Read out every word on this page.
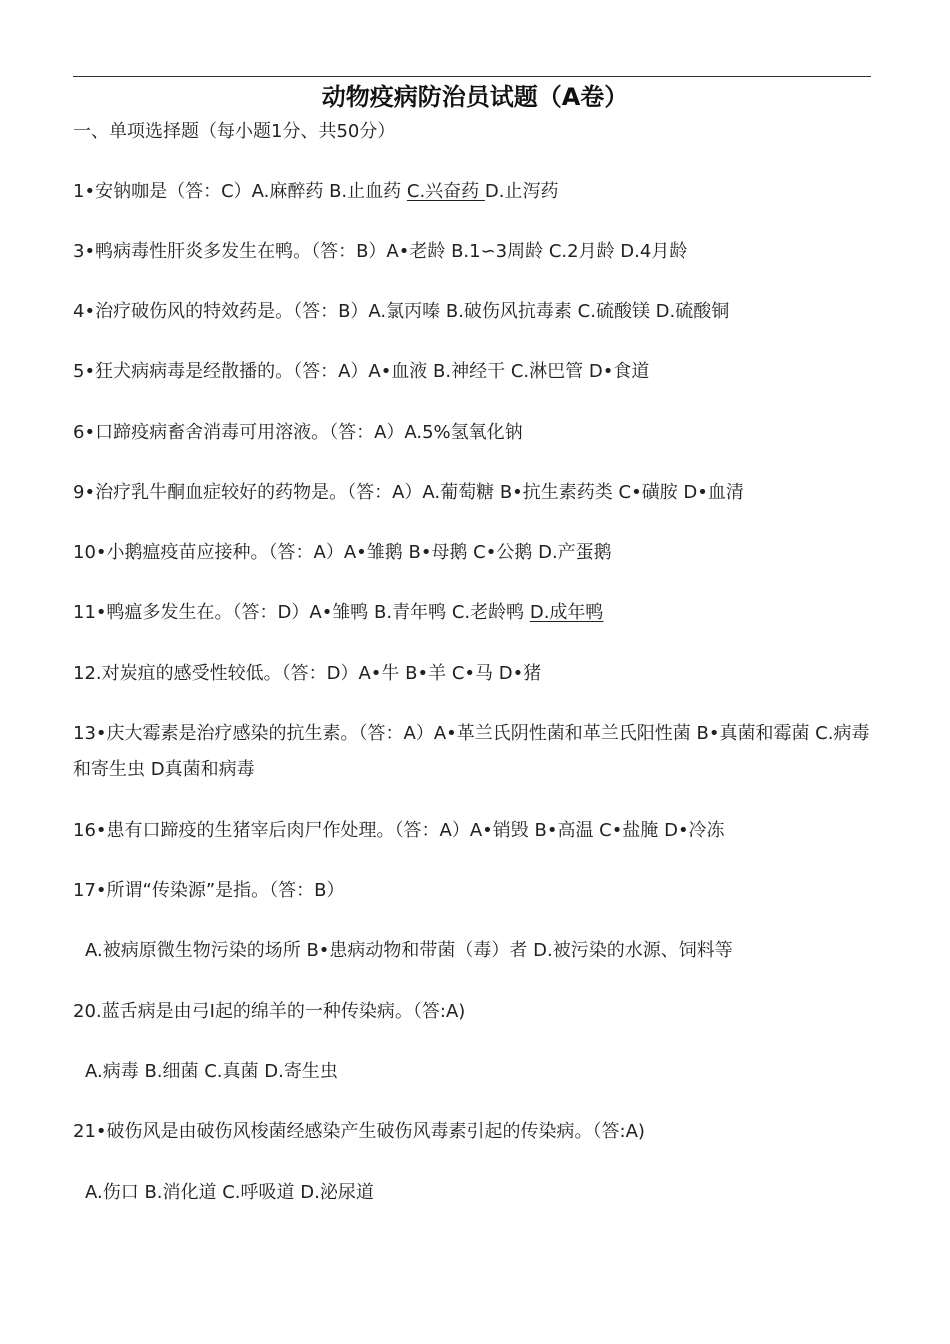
动物疫病防治员试题（A卷）
一、单项选择题（每小题1分、共50分）
1•安钠咖是（答：C）A.麻醉药 B.止血药 C.兴奋药 D.止泻药
3•鸭病毒性肝炎多发生在鸭。（答：B）A•老龄 B.1∽3周龄 C.2月龄 D.4月龄
4•治疗破伤风的特效药是。（答：B）A.氯丙嗪 B.破伤风抗毒素 C.硫酸镁 D.硫酸铜
5•狂犬病病毒是经散播的。（答：A）A•血液 B.神经干 C.淋巴管 D•食道
6•口蹄疫病畜舍消毒可用溶液。（答：A）A.5%氢氧化钠
9•治疗乳牛酮血症较好的药物是。（答：A）A.葡萄糖 B•抗生素药类 C•磺胺 D•血清
10•小鹅瘟疫苗应接种。（答：A）A•雏鹅 B•母鹅 C•公鹅 D.产蛋鹅
11•鸭瘟多发生在。（答：D）A•雏鸭 B.青年鸭 C.老龄鸭 D.成年鸭
12.对炭疽的感受性较低。（答：D）A•牛 B•羊 C•马 D•猪
13•庆大霉素是治疗感染的抗生素。（答：A）A•革兰氏阴性菌和革兰氏阳性菌 B•真菌和霉菌 C.病毒和寄生虫 D真菌和病毒
16•患有口蹄疫的生猪宰后肉尸作处理。（答：A）A•销毁 B•高温 C•盐腌 D•冷冻
17•所谓“传染源”是指。（答：B）
A.被病原微生物污染的场所 B•患病动物和带菌（毒）者 D.被污染的水源、饲料等
20.蓝舌病是由弓I起的绵羊的一种传染病。（答:A)
A.病毒 B.细菌 C.真菌 D.寄生虫
21•破伤风是由破伤风梭菌经感染产生破伤风毒素引起的传染病。（答:A)
A.伤口 B.消化道 C.呼吸道 D.泌尿道
